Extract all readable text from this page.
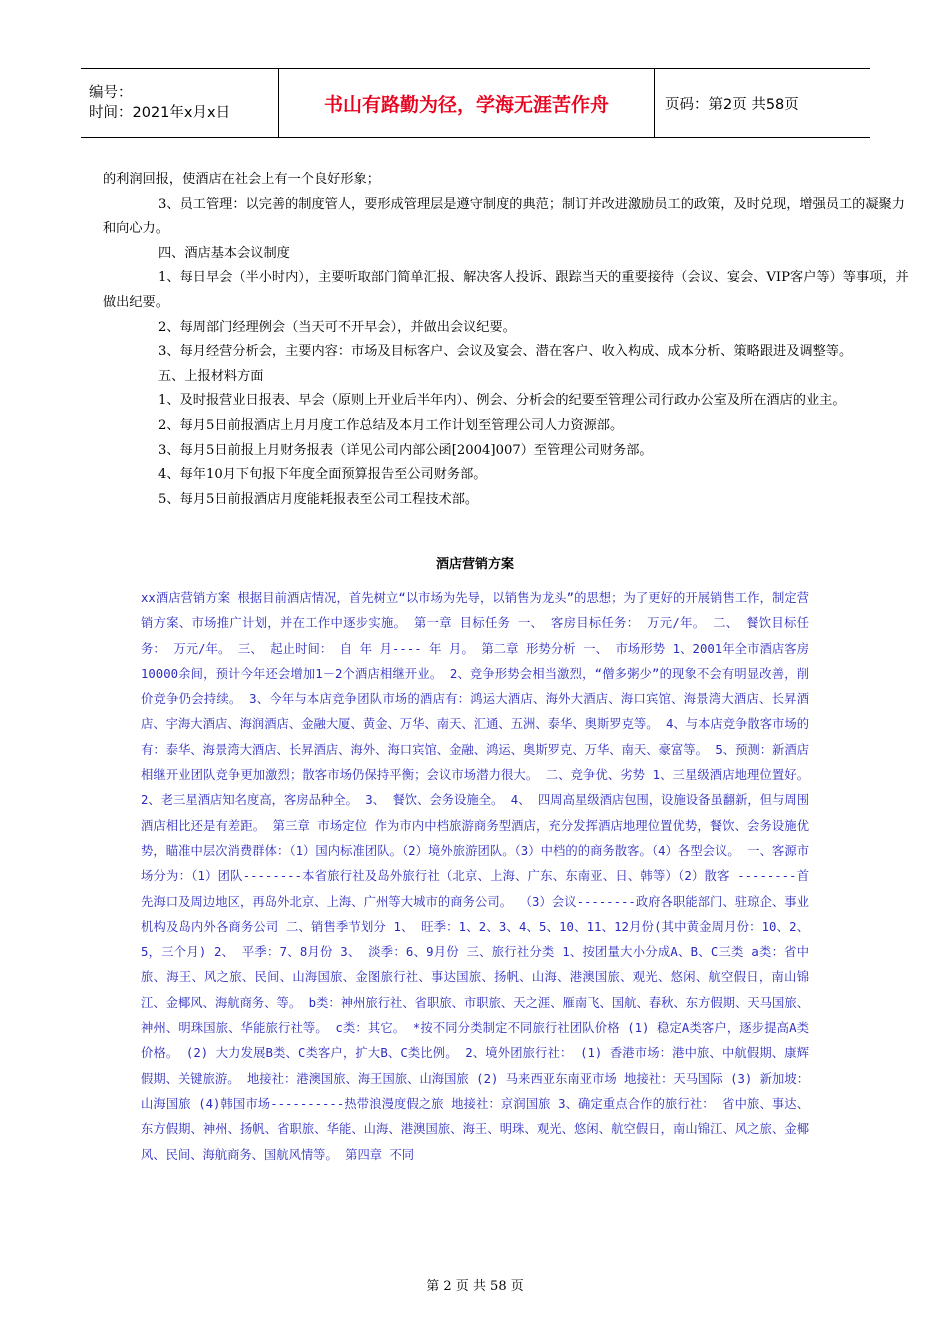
编号：
时间：2021年x月x日	书山有路勤为径，学海无涯苦作舟	页码：第2页 共58页

的利润回报，使酒店在社会上有一个良好形象；

3、员工管理：以完善的制度管人，要形成管理层是遵守制度的典范；制订并改进激励员工的政策，及时兑现，增强员工的凝聚力和向心力。

四、酒店基本会议制度

1、每日早会（半小时内），主要听取部门简单汇报、解决客人投诉、跟踪当天的重要接待（会议、宴会、VIP客户等）等事项，并做出纪要。

2、每周部门经理例会（当天可不开早会），并做出会议纪要。

3、每月经营分析会，主要内容：市场及目标客户、会议及宴会、潜在客户、收入构成、成本分析、策略跟进及调整等。

五、上报材料方面

1、及时报营业日报表、早会（原则上开业后半年内）、例会、分析会的纪要至管理公司行政办公室及所在酒店的业主。

2、每月5日前报酒店上月月度工作总结及本月工作计划至管理公司人力资源部。

3、每月5日前报上月财务报表（详见公司内部公函[2004]007）至管理公司财务部。

4、每年10月下旬报下年度全面预算报告至公司财务部。

5、每月5日前报酒店月度能耗报表至公司工程技术部。

酒店营销方案
xx酒店营销方案 根据目前酒店情况，首先树立“以市场为先导，以销售为龙头”的思想；为了更好的开展销售工作，制定营销方案、市场推广计划，并在工作中逐步实施。 第一章 目标任务 一、 客房目标任务： 万元/年。 二、 餐饮目标任务： 万元/年。 三、 起止时间： 自 年 月---- 年 月。 第二章 形势分析 一、 市场形势 1、2001年全市酒店客房10000余间，预计今年还会增加1－2个酒店相继开业。 2、竞争形势会相当激烈，“僧多粥少”的现象不会有明显改善，削价竞争仍会持续。 3、今年与本店竞争团队市场的酒店有：鸿运大酒店、海外大酒店、海口宾馆、海景湾大酒店、长昇酒店、宇海大酒店、海润酒店、金融大厦、黄金、万华、南天、汇通、五洲、泰华、奥斯罗克等。 4、与本店竞争散客市场的有：泰华、海景湾大酒店、长昇酒店、海外、海口宾馆、金融、鸿运、奥斯罗克、万华、南天、豪富等。 5、预测：新酒店相继开业团队竞争更加激烈；散客市场仍保持平衡；会议市场潜力很大。 二、竞争优、劣势 1、三星级酒店地理位置好。 2、老三星酒店知名度高，客房品种全。 3、 餐饮、会务设施全。 4、 四周高星级酒店包围，设施设备虽翻新，但与周围酒店相比还是有差距。 第三章 市场定位 作为市内中档旅游商务型酒店，充分发挥酒店地理位置优势，餐饮、会务设施优势，瞄准中层次消费群体：（1）国内标准团队。（2）境外旅游团队。（3）中档的的商务散客。（4）各型会议。 一、客源市场分为：（1）团队--------本省旅行社及岛外旅行社（北京、上海、广东、东南亚、日、韩等）（2）散客 --------首先海口及周边地区，再岛外北京、上海、广州等大城市的商务公司。 （3）会议--------政府各职能部门、驻琼企、事业机构及岛内外各商务公司 二、销售季节划分 1、 旺季：1、2、3、4、5、10、11、12月份(其中黄金周月份：10、2、5，三个月) 2、 平季：7、8月份 3、 淡季：6、9月份 三、旅行社分类 1、按团量大小分成A、B、C三类 a类：省中旅、海王、风之旅、民间、山海国旅、金图旅行社、事达国旅、扬帆、山海、港澳国旅、观光、悠闲、航空假日，南山锦江、金椰风、海航商务、等。 b类：神州旅行社、省职旅、市职旅、天之涯、雁南飞、国航、春秋、东方假期、天马国旅、神州、明珠国旅、华能旅行社等。 c类：其它。 *按不同分类制定不同旅行社团队价格 (1) 稳定A类客户，逐步提高A类价格。 (2) 大力发展B类、C类客户，扩大B、C类比例。 2、境外团旅行社： (1) 香港市场：港中旅、中航假期、康辉假期、关键旅游。 地接社：港澳国旅、海王国旅、山海国旅 (2) 马来西亚东南亚市场 地接社：天马国际 (3) 新加坡：山海国旅 (4)韩国市场----------热带浪漫度假之旅 地接社：京润国旅 3、确定重点合作的旅行社： 省中旅、事达、东方假期、神州、扬帆、省职旅、华能、山海、港澳国旅、海王、明珠、观光、悠闲、航空假日，南山锦江、风之旅、金椰风、民间、海航商务、国航风情等。 第四章 不同
第 2 页 共 58 页
